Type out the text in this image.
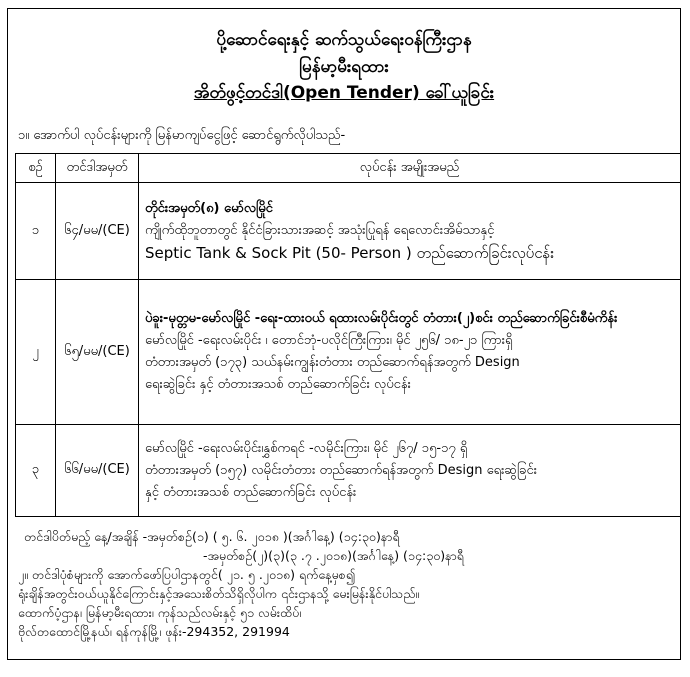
ပို့ဆောင်ရေးနှင့် ဆက်သွယ်ရေးဝန်ကြီးဌာန
မြန်မာ့မီးရထား
အိတ်ဖွင့်တင်ဒါ(Open Tender) ခေါ်ယူခြင်း
၁။ အောက်ပါ လုပ်ငန်းများကို မြန်မာကျပ်ငွေဖြင့် ဆောင်ရွက်လိုပါသည်-
စဉ်	တင်ဒါအမှတ်	လုပ်ငန်း အမျိုးအမည်
၁	၆၄/မမ/(CE)	တိုင်းအမှတ်(၈) မော်လမြိုင်
ကျိုက်ထိုဘူတာတွင် နိုင်ငံခြားသားအဆင့် အသုံးပြုရန် ရေလောင်းအိမ်သာနှင့်
Septic Tank & Sock Pit (50- Person ) တည်ဆောက်ခြင်းလုပ်ငန်း

၂	၆၅/မမ/(CE)	ပဲခူး-မုတ္တမ-မော်လမြိုင် -ရေး-ထားဝယ် ရထားလမ်းပိုင်းတွင် တံတား(၂)စင်း တည်ဆောက်ခြင်းစီမံကိန်း
မော်လမြိုင် -ရေးလမ်းပိုင်း ၊ တောင်ဘုံ-ပလိုင်ကြီးကြား၊ မိုင် ၂၅၆/ ၁၈-၂၁ ကြားရှိ
တံတားအမှတ် (၁၇၃) သယ်နမ်းကျွန်းတံတား တည်ဆောက်ရန်အတွက် Design
ရေးဆွဲခြင်း နှင့် တံတားအသစ် တည်ဆောက်ခြင်း လုပ်ငန်း

၃	၆၆/မမ/(CE)	မော်လမြိုင် -ရေးလမ်းပိုင်း၊နွှစ်ကရင် -လမိုင်းကြား၊ မိုင် ၂၆၇/ ၁၅-၁၇ ရှိ
တံတားအမှတ် (၁၅၇) လမိုင်းတံတား တည်ဆောက်ရန်အတွက် Design ရေးဆွဲခြင်း
နှင့် တံတားအသစ် တည်ဆောက်ခြင်း လုပ်ငန်း
တင်ဒါပိတ်မည့် နေ့/အချိန် -အမှတ်စဉ်(၁) ( ၅. ၆. ၂၀၁၈ )(အင်္ဂါနေ့) (၁၄:၃၀)နာရီ
-အမှတ်စဉ်(၂)(၃)(၃ .၇ .၂၀၁၈)(အင်္ဂါနေ့) (၁၄:၃၀)နာရီ
၂။ တင်ဒါပုံစံများကို အောက်ဖော်ပြပါဌာနတွင်( ၂၁. ၅ .၂၀၁၈) ရက်နေ့မှစ၍
ရုံးချိန်အတွင်းဝယ်ယူနိုင်ကြောင်းနှင့်အသေးစိတ်သိရှိလိုပါက ၎င်းဌာနသို့ မေးမြန်းနိုင်ပါသည်။
ထောက်ပံ့ဌာန၊ မြန်မာ့မီးရထား၊ ကုန်သည်လမ်းနှင့် ၅၁ လမ်းထိပ်၊
ဗိုလ်တထောင်မြို့နယ်၊ ရန်ကုန်မြို့၊ ဖုန်း-294352, 291994
